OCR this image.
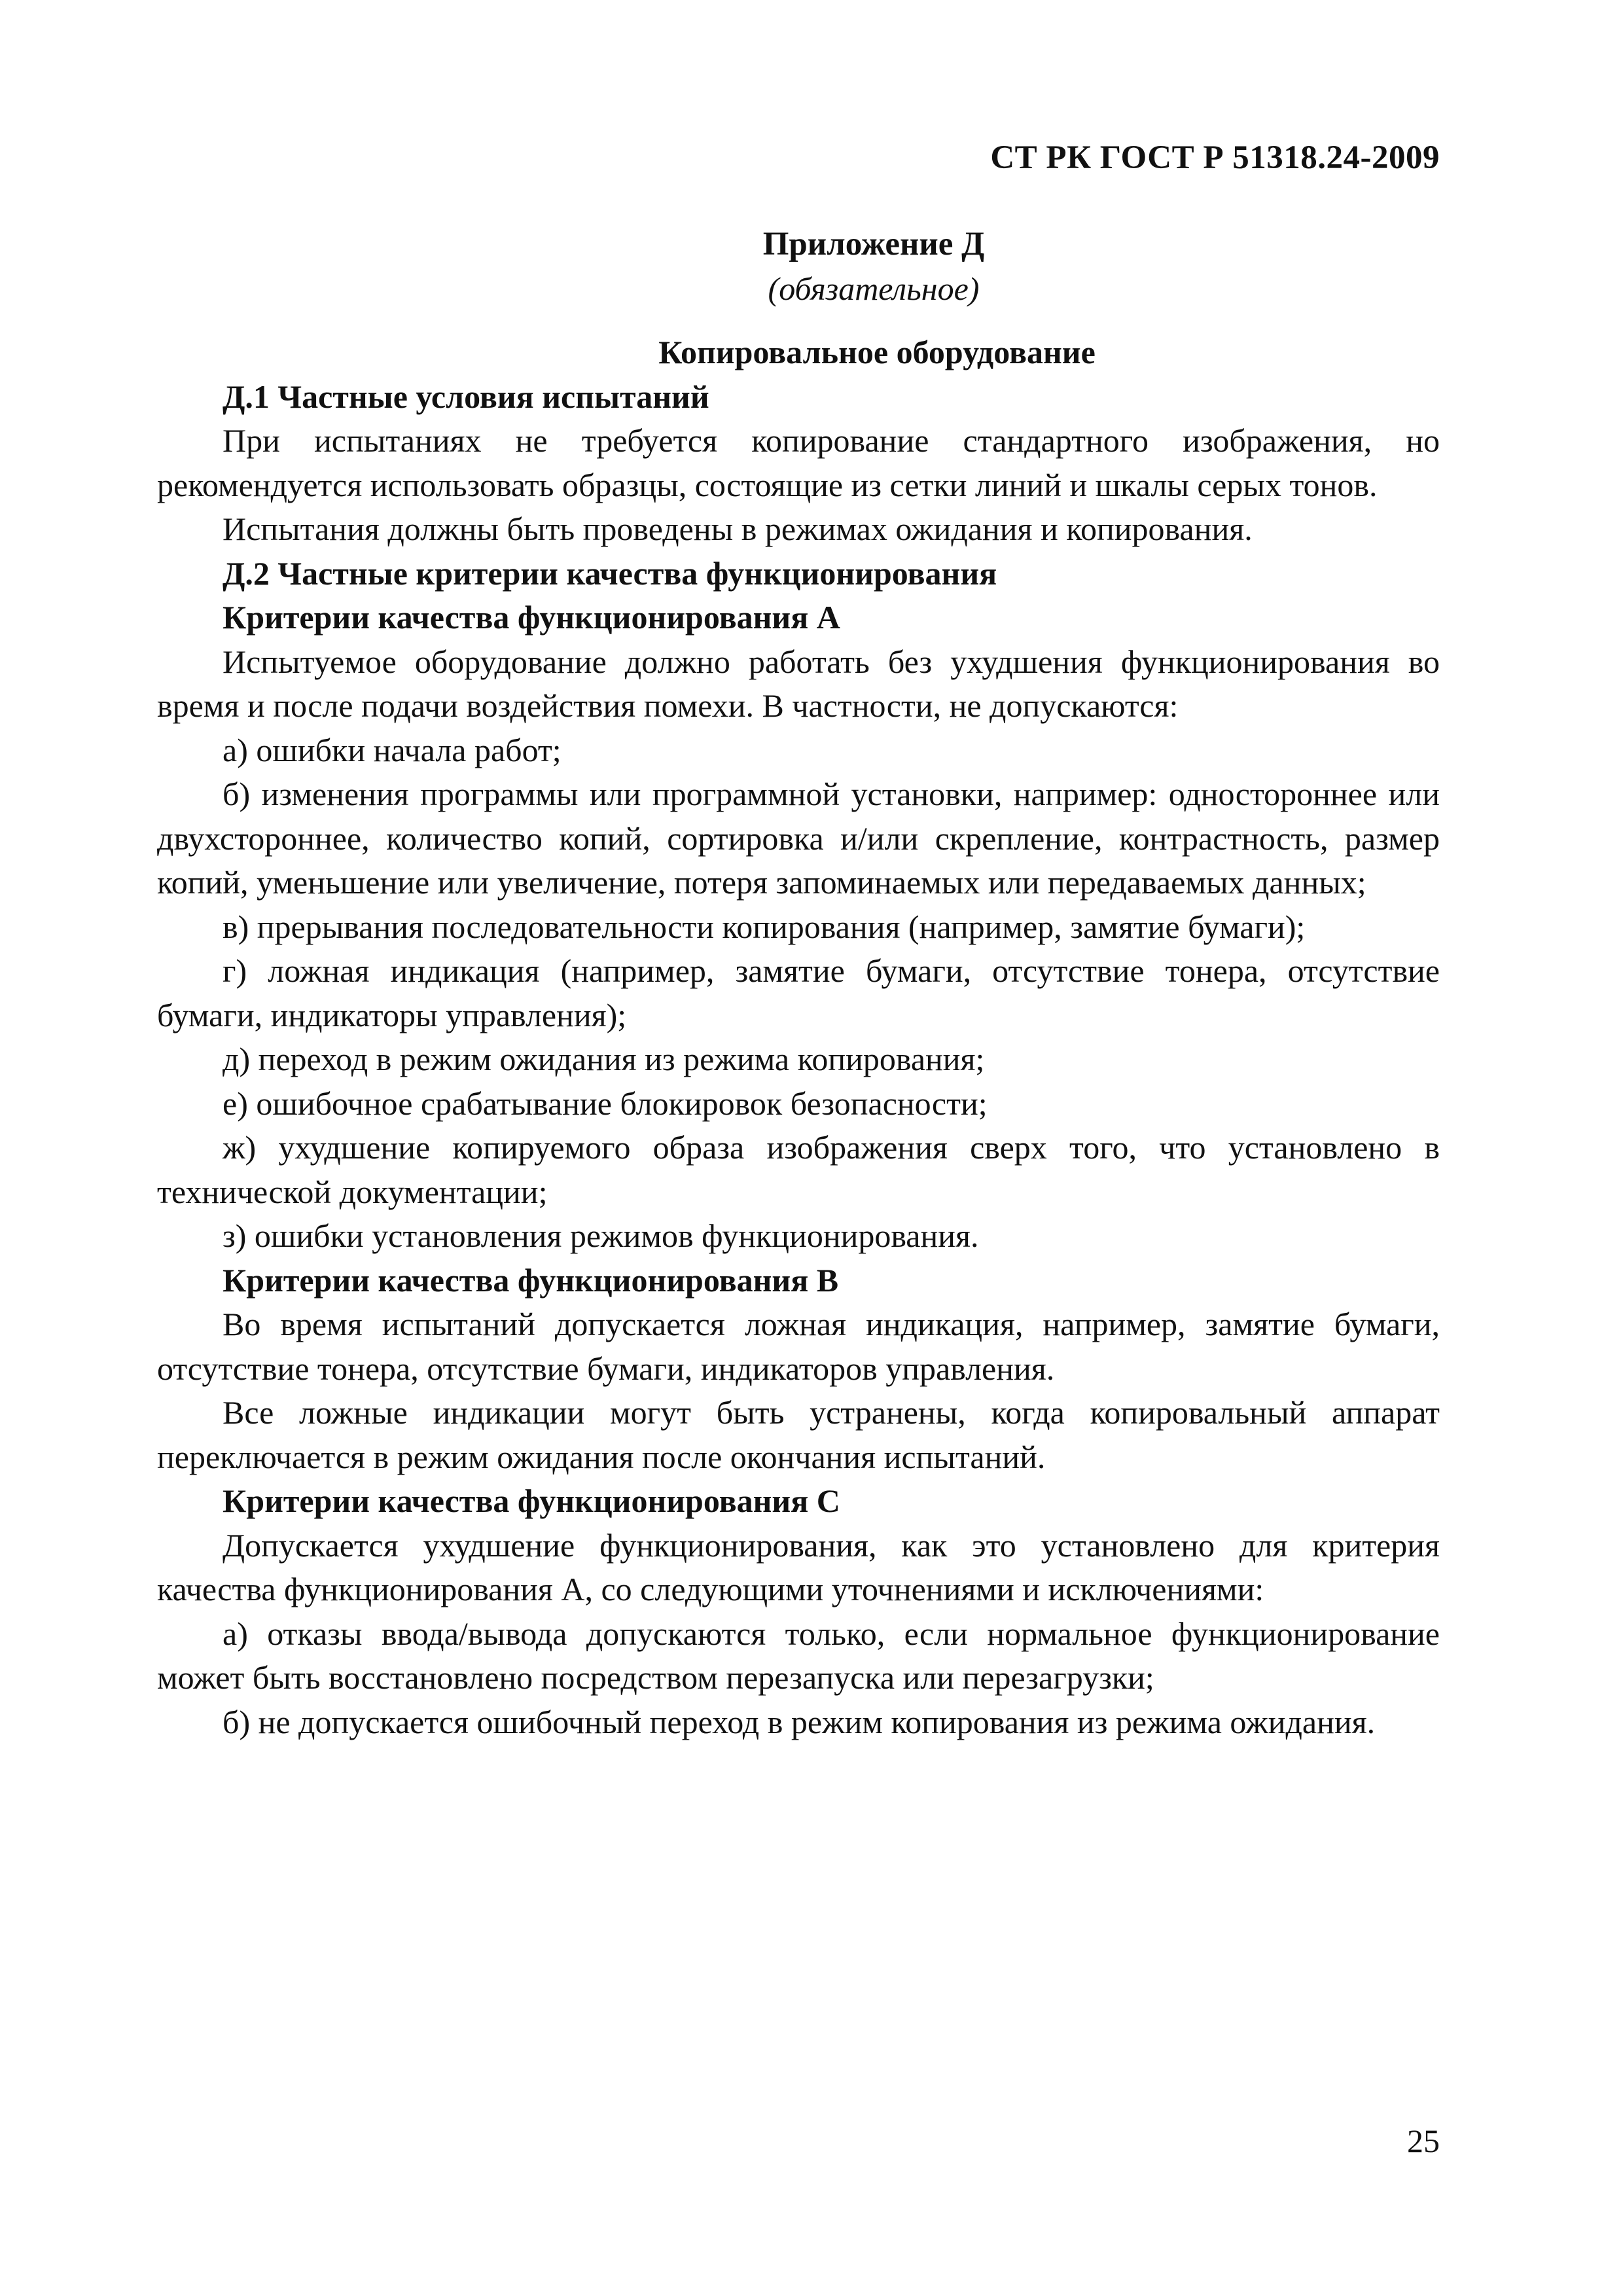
СТ РК ГОСТ Р 51318.24-2009

Приложение Д

(обязательное)

Копировальное оборудование

Д.1 Частные условия испытаний

При испытаниях не требуется копирование стандартного изображения, но рекомендуется использовать образцы, состоящие из сетки линий и шкалы серых тонов.

Испытания должны быть проведены в режимах ожидания и копирования.

Д.2 Частные критерии качества функционирования

Критерии качества функционирования А

Испытуемое оборудование должно работать без ухудшения функционирования во время и после подачи воздействия помехи. В частности, не допускаются:

а) ошибки начала работ;

б) изменения программы или программной установки, например: одностороннее или двухстороннее, количество копий, сортировка и/или скрепление, контрастность, размер копий, уменьшение или увеличение, потеря запоминаемых или передаваемых данных;

в) прерывания последовательности копирования (например, замятие бумаги);

г) ложная индикация (например, замятие бумаги, отсутствие тонера, отсутствие бумаги, индикаторы управления);

д) переход в режим ожидания из режима копирования;

е) ошибочное срабатывание блокировок безопасности;

ж) ухудшение копируемого образа изображения сверх того, что установлено в технической документации;

з) ошибки установления режимов функционирования.

Критерии качества функционирования В

Во время испытаний допускается ложная индикация, например, замятие бумаги, отсутствие тонера, отсутствие бумаги, индикаторов управления.

Все ложные индикации могут быть устранены, когда копировальный аппарат переключается в режим ожидания после окончания испытаний.

Критерии качества функционирования С

Допускается ухудшение функционирования, как это установлено для критерия качества функционирования А, со следующими уточнениями и исключениями:

а) отказы ввода/вывода допускаются только, если нормальное функционирование может быть восстановлено посредством перезапуска или перезагрузки;

б) не допускается ошибочный переход в режим копирования из режима ожидания.

25
